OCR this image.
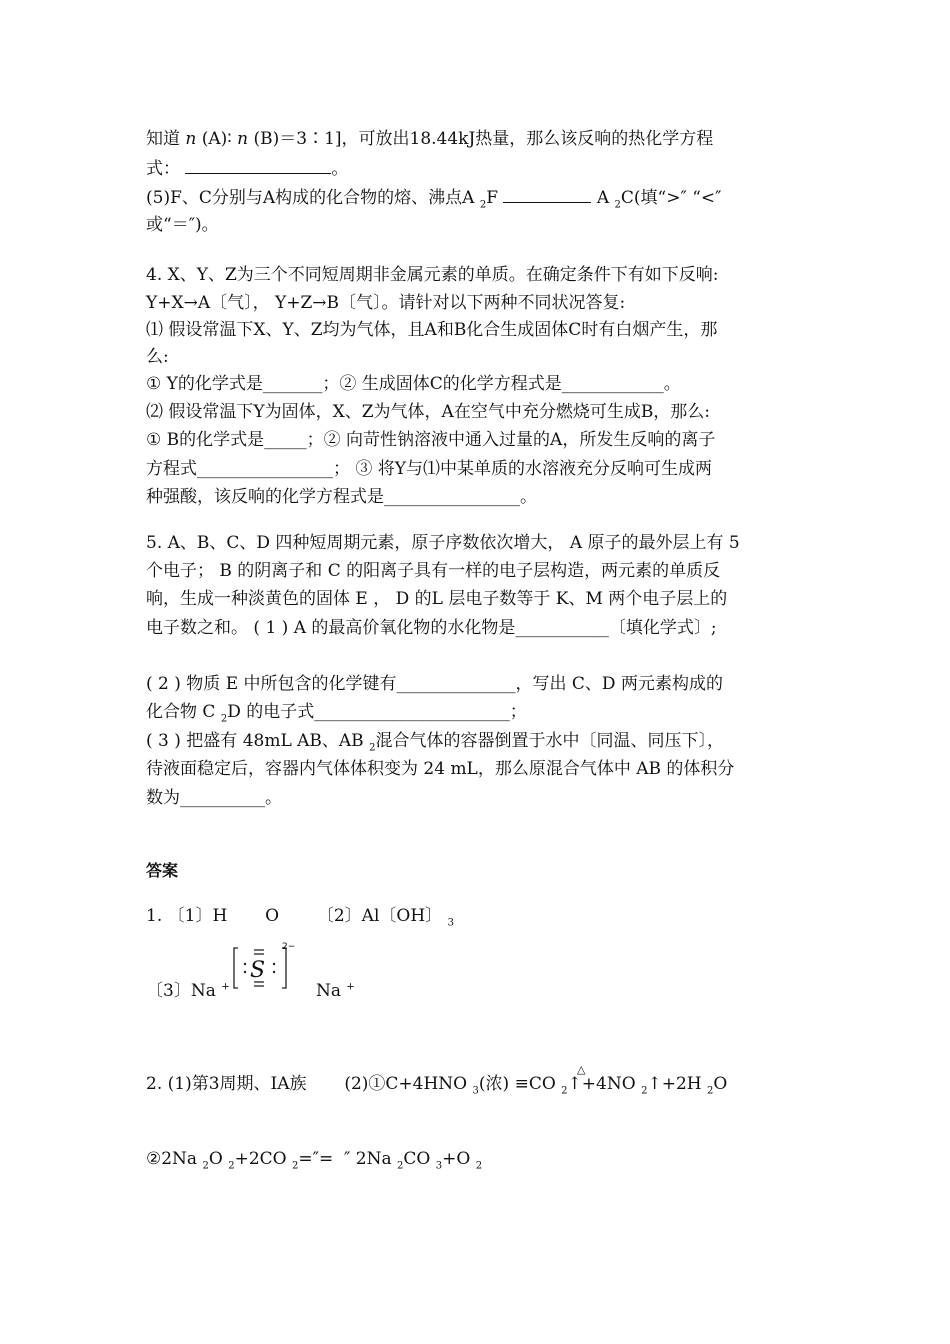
答案
S
2−
△
知道 n (A)∶ n (B)＝3∶1]，可放出18.44kJ热量，那么该反响的热化学方程
式：	。
(5)F、C分别与A构成的化合物的熔、沸点A $_2$F	A $_2$C(填“>″ “<″
或“＝″)。
4. X、Y、Z为三个不同短周期非金属元素的单质。在确定条件下有如下反响:
Y+X→A〔气〕， Y+Z→B〔气〕。请针对以下两种不同状况答复:
⑴ 假设常温下X、Y、Z均为气体，且A和B化合生成固体C时有白烟产生，那
么:
① Y的化学式是_______；② 生成固体C的化学方程式是____________。
⑵ 假设常温下Y为固体，X、Z为气体，A在空气中充分燃烧可生成B，那么:
① B的化学式是_____；② 向苛性钠溶液中通入过量的A，所发生反响的离子
方程式________________； ③ 将Y与⑴中某单质的水溶液充分反响可生成两
种强酸，该反响的化学方程式是________________。
5. A、B、C、D 四种短周期元素，原子序数依次增大， A 原子的最外层上有 5
个电子； B 的阴离子和 C 的阳离子具有一样的电子层构造，两元素的单质反
响，生成一种淡黄色的固体 E ， D 的L 层电子数等于 K、M 两个电子层上的
电子数之和。 ( 1 ) A 的最高价氧化物的水化物是___________〔填化学式〕;
( 2 ) 物质 E 中所包含的化学键有______________，写出 C、D 两元素构成的
化合物 C $_2$D 的电子式_______________________；
( 3 ) 把盛有 48mL AB、AB $_2$混合气体的容器倒置于水中〔同温、同压下〕，
待液面稳定后，容器内气体体积变为 24 mL，那么原混合气体中 AB 的体积分
数为__________。
1. 〔1〕H       O       〔2〕Al〔OH〕 $_3$
〔3〕Na +	Na +
2. (1)第3周期、ⅠA族       (2)①C+4HNO $_3$(浓) ≡CO $_2$↑+4NO $_2$↑+2H $_2$O
②2Na $_2$O $_2$+2CO $_2$=″=  ″ 2Na $_2$CO $_3$+O $_2$
